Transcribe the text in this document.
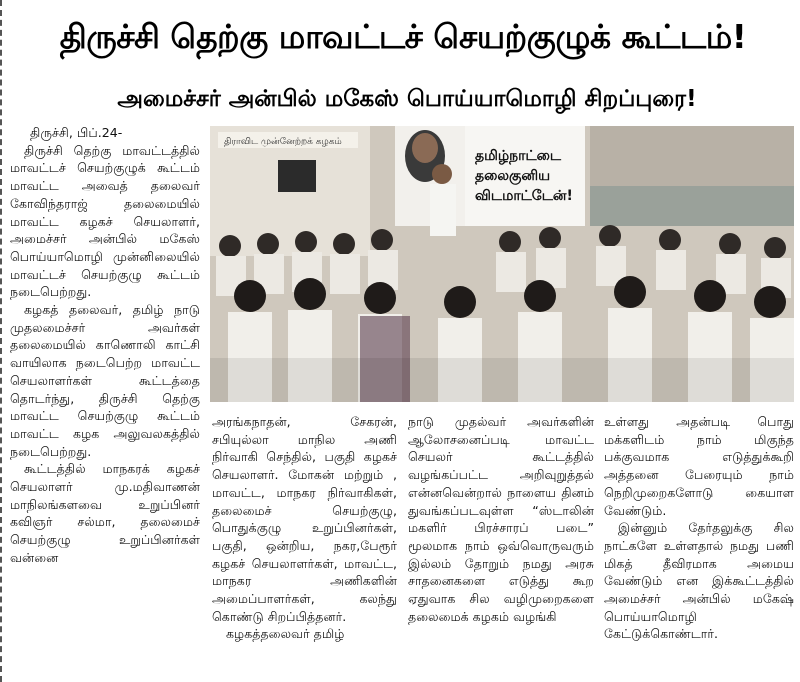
திருச்சி தெற்கு மாவட்டச் செயற்குழுக் கூட்டம்!
அமைச்சர் அன்பில் மகேஸ் பொய்யாமொழி சிறப்புரை!

திருச்சி, பிப்.24-

திருச்சி தெற்கு மாவட்டத்தில் மாவட்டச் செயற்குழுக் கூட்டம் மாவட்ட அவைத் தலைவர் கோவிந்தராஜ் தலைமையில் மாவட்ட கழகச் செயலாளர், அமைச்சர் அன்பில் மகேஸ் பொய்யாமொழி முன்னிலையில் மாவட்டச் செயற்குழு கூட்டம் நடைபெற்றது.

கழகத் தலைவர், தமிழ் நாடு முதலமைச்சர் அவர்கள் தலைமையில் காணொலி காட்சி வாயிலாக நடைபெற்ற மாவட்ட செயலாளர்கள் கூட்டத்தை தொடர்ந்து, திருச்சி தெற்கு மாவட்ட செயற்குழு கூட்டம் மாவட்ட கழக அலுவலகத்தில் நடைபெற்றது.

கூட்டத்தில் மாநகரக் கழகச் செயலாளர் மு.மதிவாணன் மாநிலங்களவை உறுப்பினர் கவிஞர் சல்மா, தலைமைச் செயற்குழு உறுப்பினர்கள் வன்னை

திராவிட முன்னேற்றக் கழகம்
தமிழ்நாட்டை
தலைகுனிய
விடமாட்டேன்!

அரங்கநாதன், சேகரன், சபியுல்லா மாநில அணி நிர்வாகி செந்தில், பகுதி கழகச் செயலாளர். மோகன் மற்றும் , மாவட்ட, மாநகர நிர்வாகிகள், தலைமைச் செயற்குழு, பொதுக்குழு உறுப்பினர்கள், பகுதி, ஒன்றிய, நகர,பேரூர் கழகச் செயலாளர்கள், மாவட்ட, மாநகர அணிகளின் அமைப்பாளர்கள், கலந்து கொண்டு சிறப்பித்தனர்.

கழகத்தலைவர் தமிழ்

நாடு முதல்வர் அவர்களின் ஆலோசனைப்படி மாவட்ட செயலர் கூட்டத்தில் வழங்கப்பட்ட அறிவுறுத்தல் என்னவென்றால் நாளைய தினம் துவங்கப்படவுள்ள “ஸ்டாலின் மகளிர் பிரச்சாரப் படை” மூலமாக நாம் ஒவ்வொருவரும் இல்லம் தோறும் நமது அரசு சாதனைகளை எடுத்து கூற ஏதுவாக சில வழிமுறைகளை தலைமைக் கழகம் வழங்கி

உள்ளது அதன்படி பொது மக்களிடம் நாம் மிகுந்த பக்குவமாக எடுத்துக்கூறி அத்தனை பேரையும் நாம் நெறிமுறைகளோடு கையாள வேண்டும்.

இன்னும் தேர்தலுக்கு சில நாட்களே உள்ளதால் நமது பணி மிகத் தீவிரமாக அமைய வேண்டும் என இக்கூட்டத்தில் அமைச்சர் அன்பில் மகேஷ் பொய்யாமொழி கேட்டுக்கொண்டார்.
